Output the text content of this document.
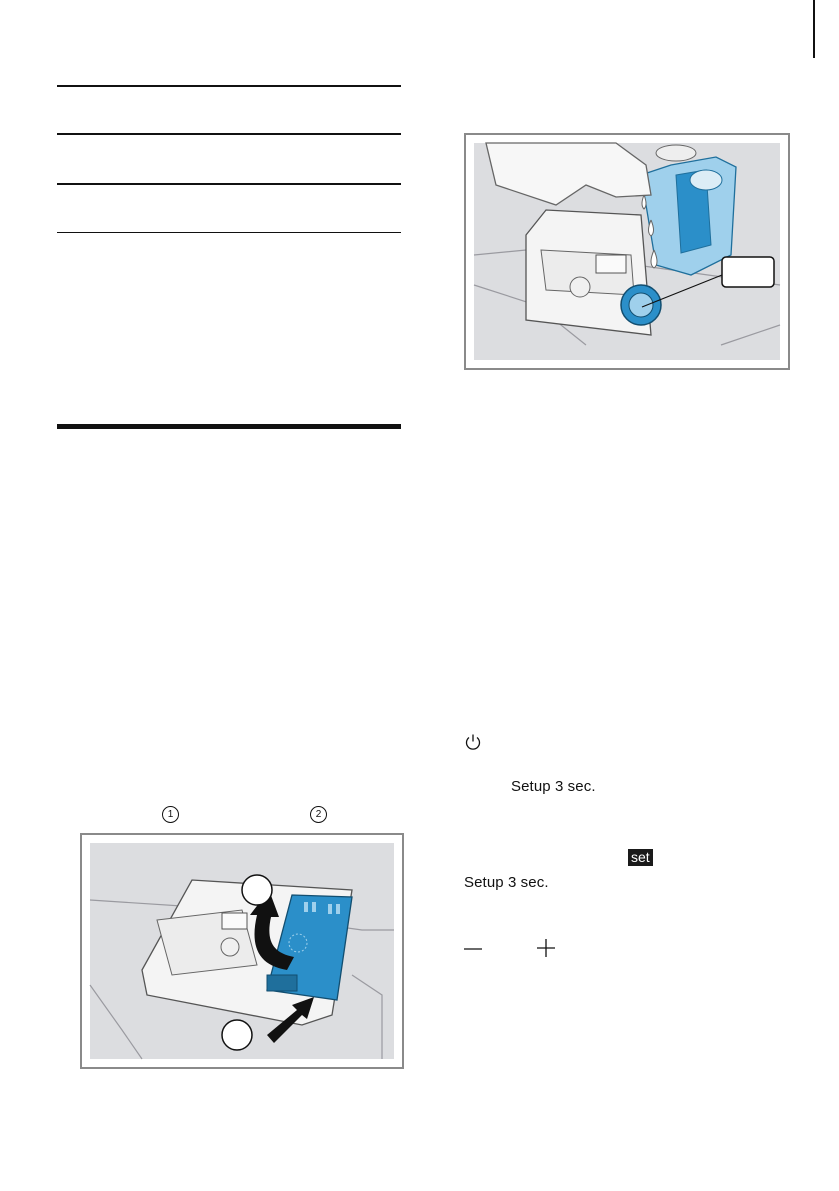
1	2
Setup 3 sec.
set
Setup 3 sec.
